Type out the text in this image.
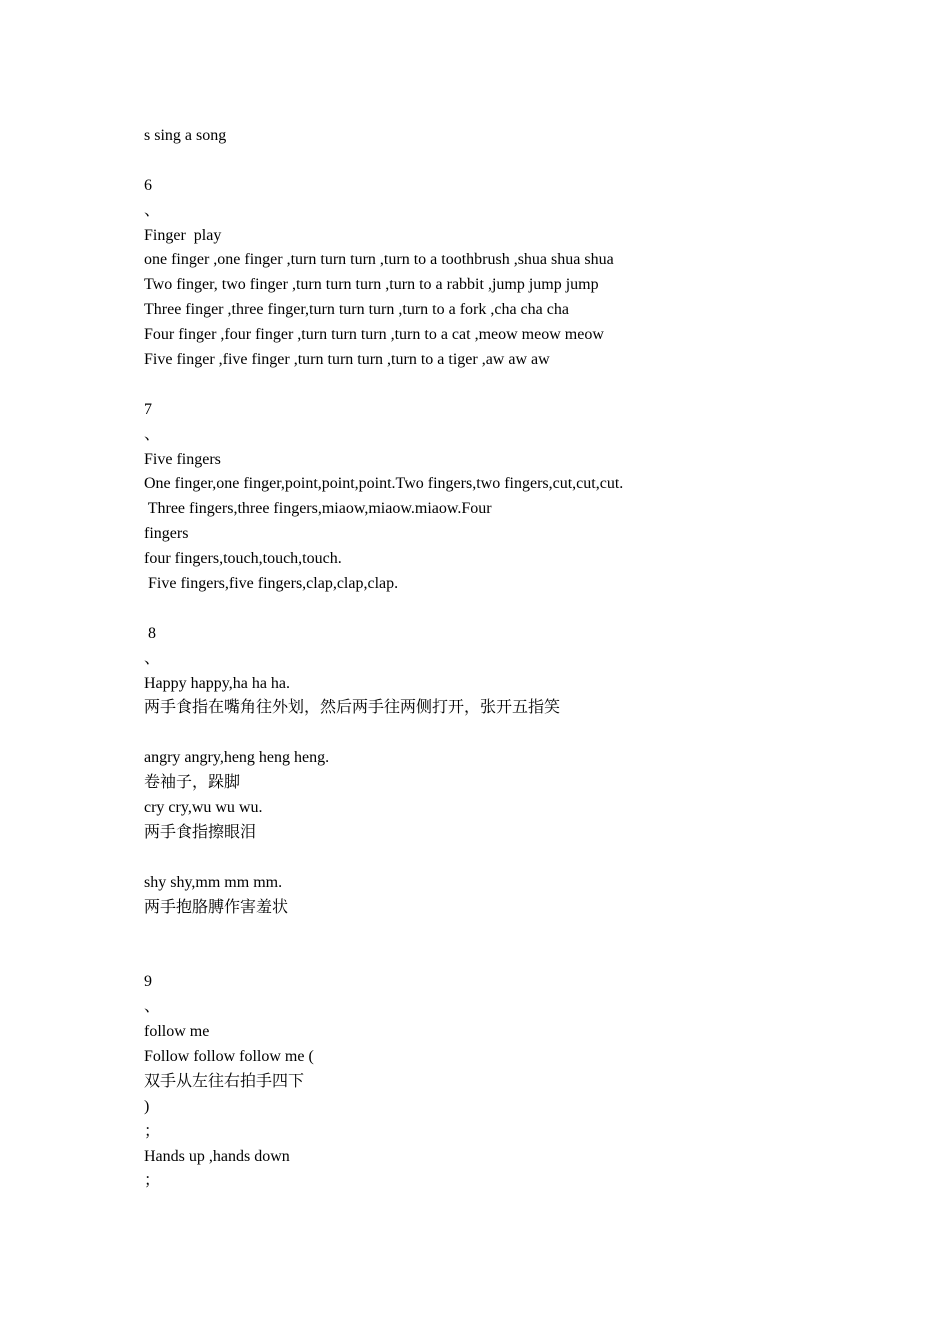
s sing a song
6
、
Finger  play
one finger ,one finger ,turn turn turn ,turn to a toothbrush ,shua shua shua
Two finger, two finger ,turn turn turn ,turn to a rabbit ,jump jump jump
Three finger ,three finger,turn turn turn ,turn to a fork ,cha cha cha
Four finger ,four finger ,turn turn turn ,turn to a cat ,meow meow meow
Five finger ,five finger ,turn turn turn ,turn to a tiger ,aw aw aw
7
、
Five fingers
One finger,one finger,point,point,point.Two fingers,two fingers,cut,cut,cut.
Three fingers,three fingers,miaow,miaow.miaow.Four
fingers
four fingers,touch,touch,touch.
Five fingers,five fingers,clap,clap,clap.
8
、
Happy happy,ha ha ha.
两手食指在嘴角往外划，然后两手往两侧打开，张开五指笑
angry angry,heng heng heng.
卷袖子，跺脚
cry cry,wu wu wu.
两手食指擦眼泪
shy shy,mm mm mm.
两手抱胳膊作害羞状
9
、
follow me
Follow follow follow me (
双手从左往右拍手四下
)
；
Hands up ,hands down
；
